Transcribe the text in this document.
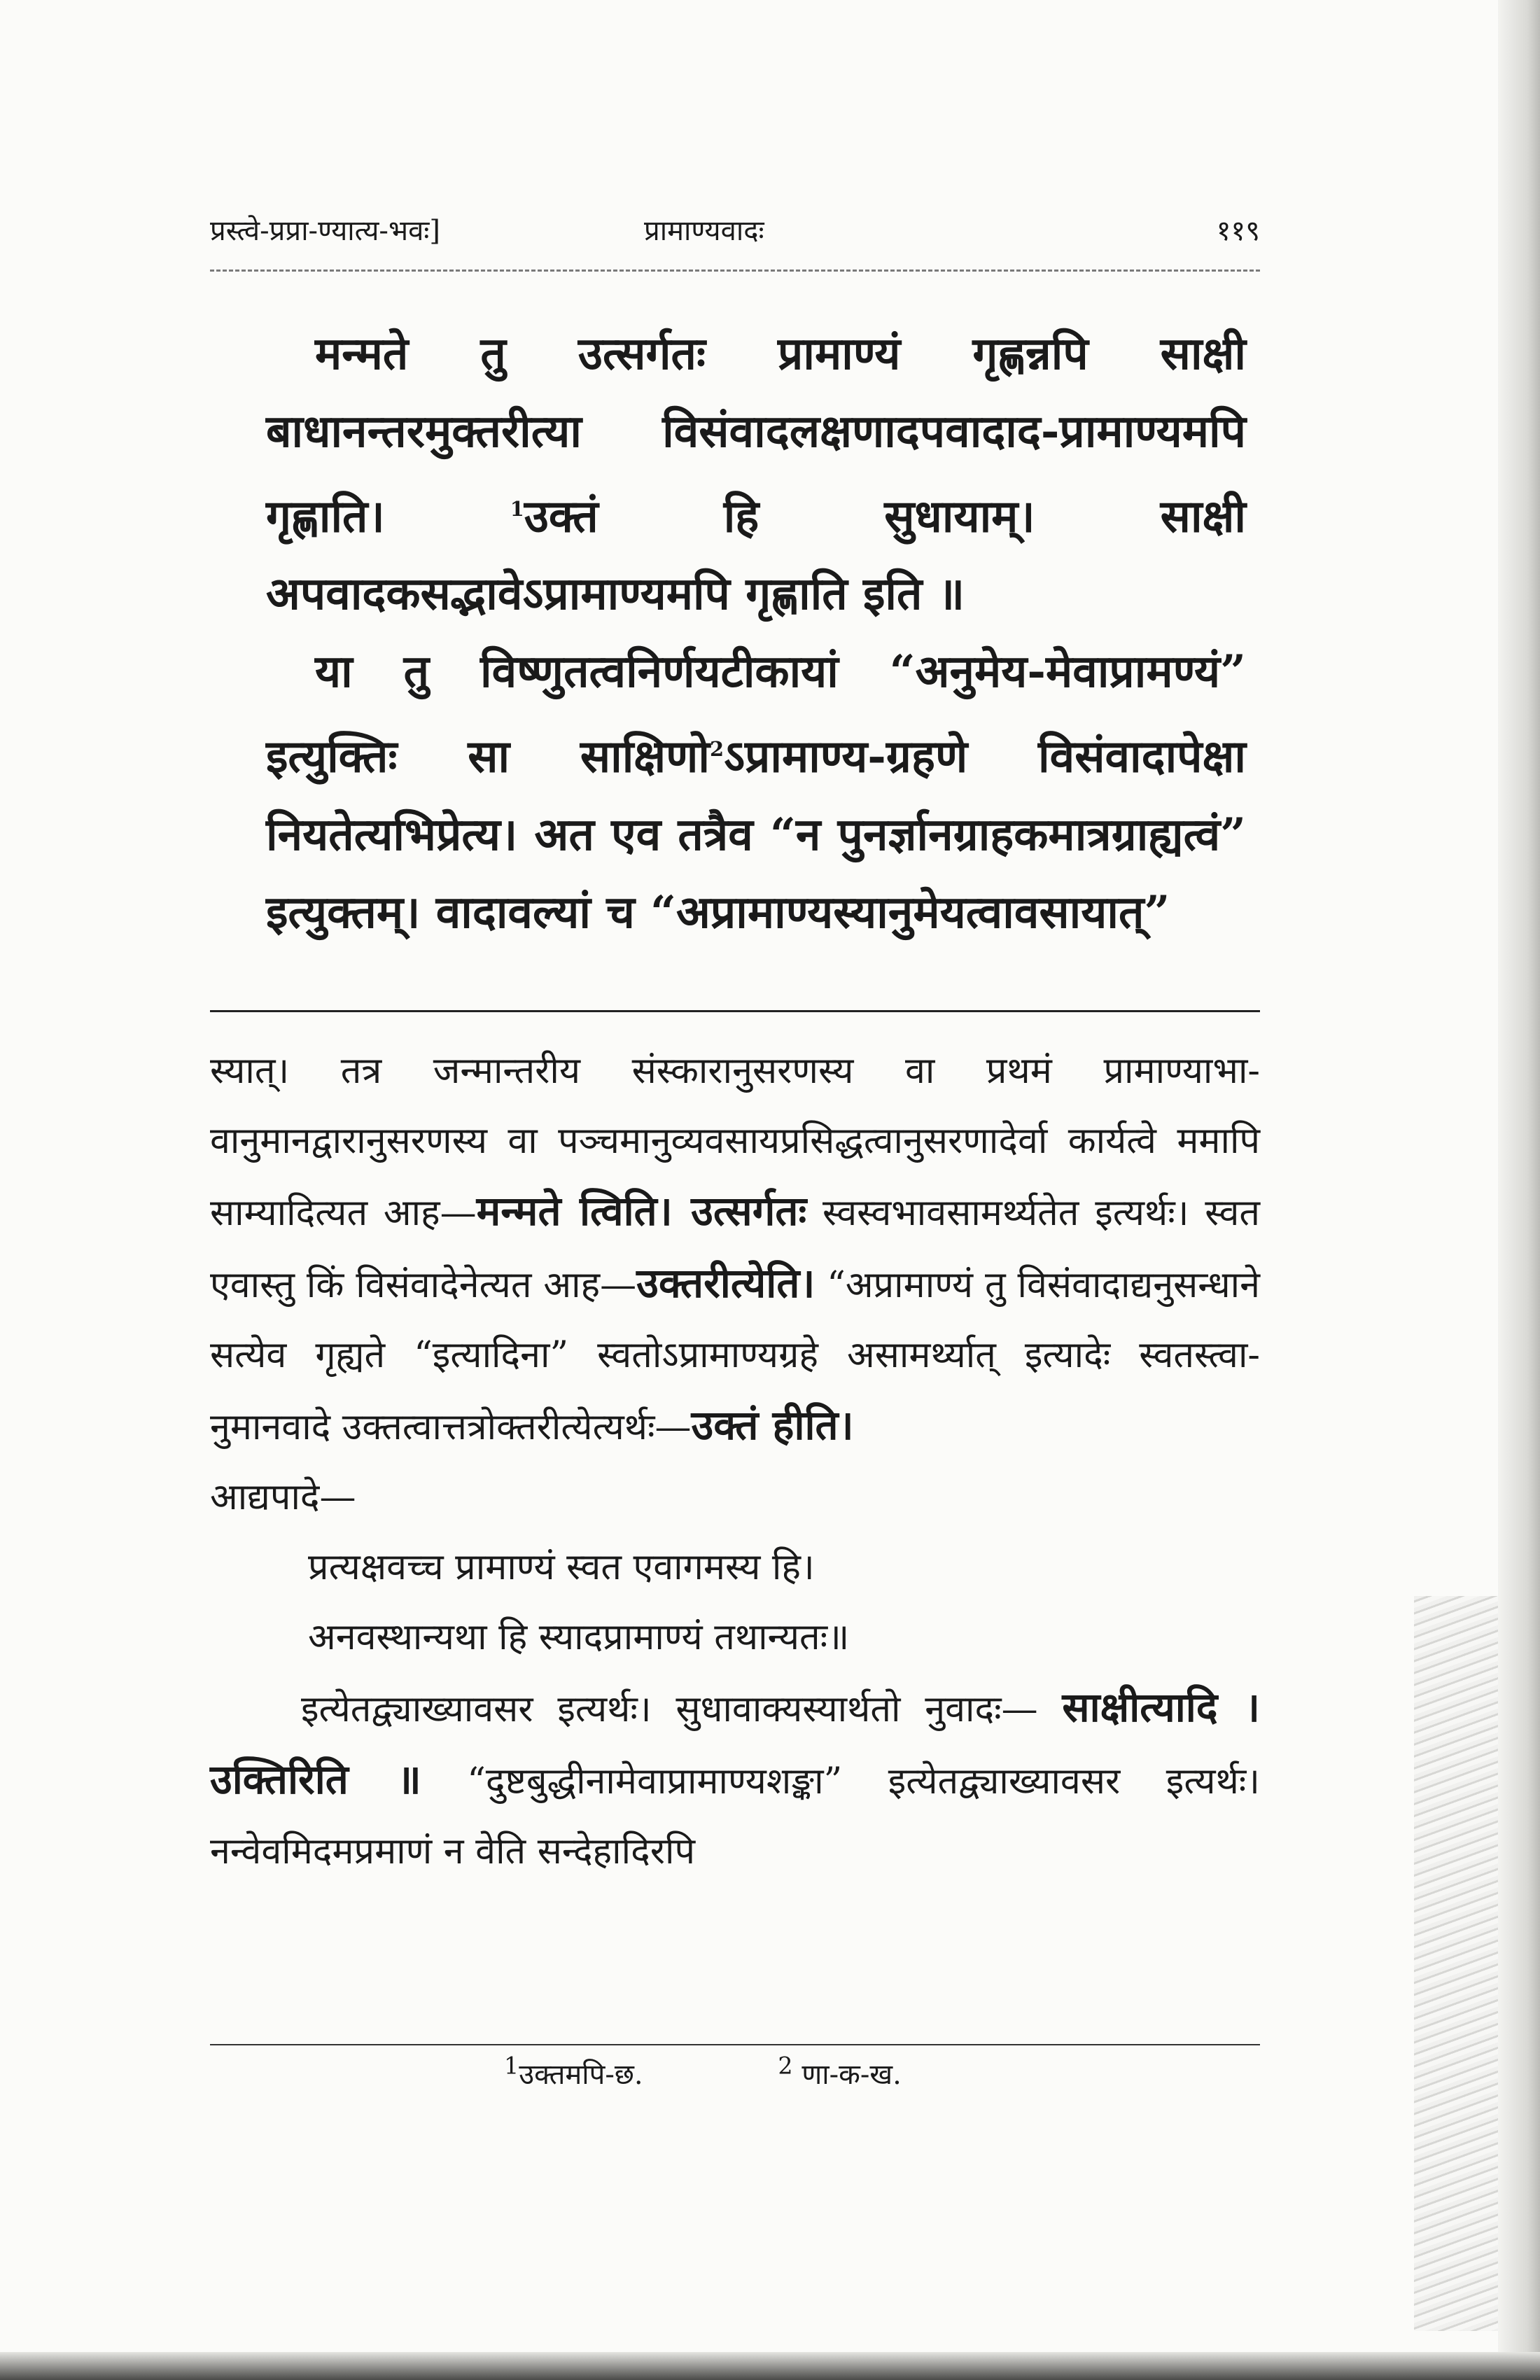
प्रस्त्वे-प्रप्रा-ण्यात्य-भवः]	प्रामाण्यवादः	११९

मन्मते तु उत्सर्गतः प्रामाण्यं गृह्णन्नपि साक्षी बाधानन्तरमुक्तरीत्या विसंवादलक्षणादपवादाद-प्रामाण्यमपि गृह्णाति।	$^1$उक्तं हि सुधायाम्। साक्षी अपवादकसद्भावेऽप्रामाण्यमपि गृह्णाति इति ॥

या तु विष्णुतत्वनिर्णयटीकायां “अनुमेय-मेवाप्रामण्यं” इत्युक्तिः सा साक्षिणो$^2$ऽप्रामाण्य-ग्रहणे विसंवादापेक्षा नियतेत्यभिप्रेत्य। अत एव तत्रैव “न पुनर्ज्ञानग्राहकमात्रग्राह्यत्वं” इत्युक्तम्। वादावल्यां च “अप्रामाण्यस्यानुमेयत्वावसायात्”

स्यात्। तत्र जन्मान्तरीय संस्कारानुसरणस्य वा प्रथमं प्रामाण्याभा-वानुमानद्वारानुसरणस्य वा पञ्चमानुव्यवसायप्रसिद्धत्वानुसरणादेर्वा कार्यत्वे ममापि साम्यादित्यत आह—मन्मते त्विति। उत्सर्गतः स्वस्वभावसामर्थ्यतेत इत्यर्थः। स्वत एवास्तु किं विसंवादेनेत्यत आह—उक्तरीत्येति। “अप्रामाण्यं तु विसंवादाद्यनुसन्धाने सत्येव गृह्यते “इत्यादिना” स्वतोऽप्रामाण्यग्रहे असामर्थ्यात् इत्यादेः स्वतस्त्वा-नुमानवादे उक्तत्वात्तत्रोक्तरीत्येत्यर्थः—उक्तं हीति।

आद्यपादे—

प्रत्यक्षवच्च प्रामाण्यं स्वत एवागमस्य हि।

अनवस्थान्यथा हि स्यादप्रामाण्यं तथान्यतः॥

इत्येतद्व्याख्यावसर इत्यर्थः। सुधावाक्यस्यार्थतो नुवादः— साक्षीत्यादि । उक्तिरिति ॥ “दुष्टबुद्धीनामेवाप्रामाण्यशङ्का” इत्येतद्व्याख्यावसर इत्यर्थः। नन्वेवमिदमप्रमाणं न वेति सन्देहादिरपि

$^1$उक्तमपि-छ.	$^2$ णा-क-ख.
